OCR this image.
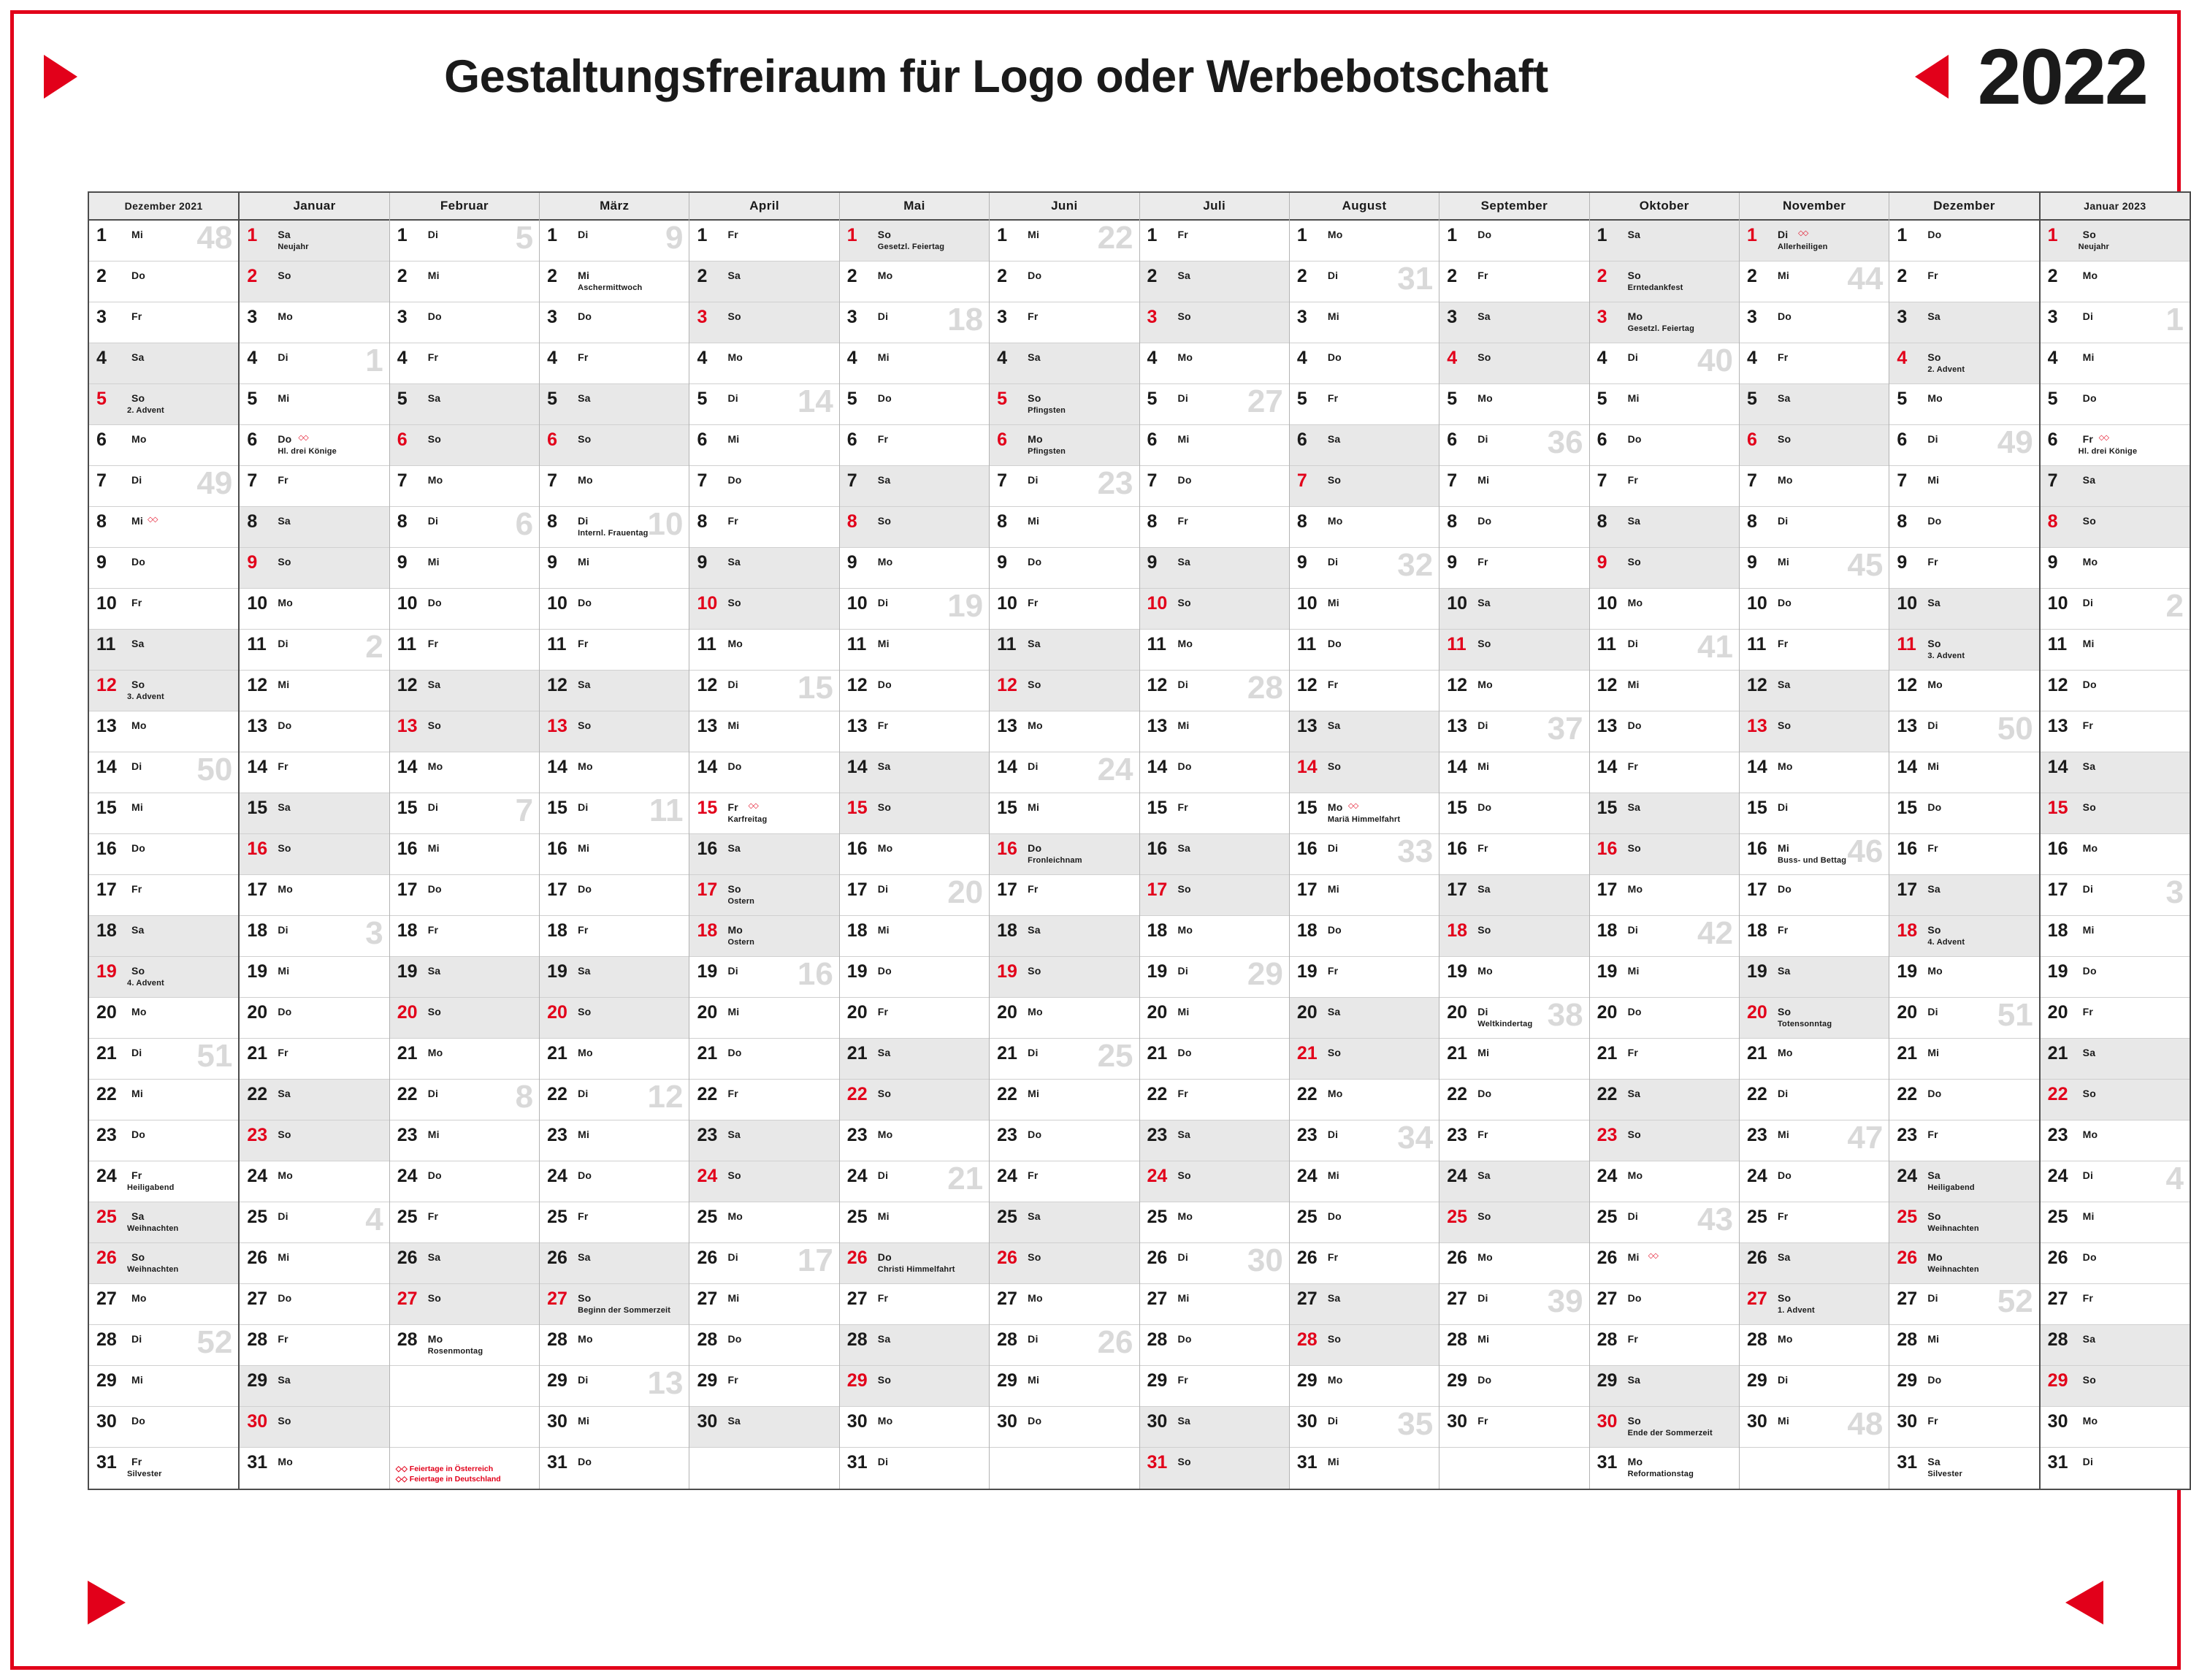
Gestaltungsfreiraum für Logo oder Werbebotschaft	2022
Dezember 2021
48
1 Mi
2 Do
3 Fr
4 Sa
5 So
2. Advent
6 Mo
49
7 Di
8 Mi ◇◇
9 Do
10 Fr
11 Sa
12 So
3. Advent
13 Mo
50
14 Di
15 Mi
16 Do
17 Fr
18 Sa
19 So
4. Advent
20 Mo
51
21 Di
22 Mi
23 Do
24 Fr
Heiligabend
25 Sa
Weihnachten
26 So
Weihnachten
27 Mo
52
28 Di
29 Mi
30 Do
31 Fr
Silvester
Januar
1 Sa
Neujahr
2 So
3 Mo
1
4 Di
5 Mi
6 Do ◇◇
Hl. drei Könige
7 Fr
8 Sa
9 So
10 Mo
2
11 Di
12 Mi
13 Do
14 Fr
15 Sa
16 So
17 Mo
3
18 Di
19 Mi
20 Do
21 Fr
22 Sa
23 So
24 Mo
4
25 Di
26 Mi
27 Do
28 Fr
29 Sa
30 So
31 Mo
Februar
5
1 Di
2 Mi
3 Do
4 Fr
5 Sa
6 So
7 Mo
6
8 Di
9 Mi
10 Do
11 Fr
12 Sa
13 So
14 Mo
7
15 Di
16 Mi
17 Do
18 Fr
19 Sa
20 So
21 Mo
8
22 Di
23 Mi
24 Do
25 Fr
26 Sa
27 So
28 Mo
Rosenmontag
◇◇ Feiertage in Österreich
◇◇ Feiertage in Deutschland
März
9
1 Di
2 Mi
Aschermittwoch
3 Do
4 Fr
5 Sa
6 So
7 Mo
10
8 Di
Internl. Frauentag
9 Mi
10 Do
11 Fr
12 Sa
13 So
14 Mo
11
15 Di
16 Mi
17 Do
18 Fr
19 Sa
20 So
21 Mo
12
22 Di
23 Mi
24 Do
25 Fr
26 Sa
27 So
Beginn der Sommerzeit
28 Mo
13
29 Di
30 Mi
31 Do
April
1 Fr
2 Sa
3 So
4 Mo
14
5 Di
6 Mi
7 Do
8 Fr
9 Sa
10 So
11 Mo
15
12 Di
13 Mi
14 Do
15 Fr ◇◇
Karfreitag
16 Sa
17 So
Ostern
18 Mo
Ostern
16
19 Di
20 Mi
21 Do
22 Fr
23 Sa
24 So
25 Mo
17
26 Di
27 Mi
28 Do
29 Fr
30 Sa
Mai
1 So
Gesetzl. Feiertag
2 Mo
18
3 Di
4 Mi
5 Do
6 Fr
7 Sa
8 So
9 Mo
19
10 Di
11 Mi
12 Do
13 Fr
14 Sa
15 So
16 Mo
20
17 Di
18 Mi
19 Do
20 Fr
21 Sa
22 So
23 Mo
21
24 Di
25 Mi
26 Do
Christi Himmelfahrt
27 Fr
28 Sa
29 So
30 Mo
31 Di
Juni
22
1 Mi
2 Do
3 Fr
4 Sa
5 So
Pfingsten
6 Mo
Pfingsten
23
7 Di
8 Mi
9 Do
10 Fr
11 Sa
12 So
13 Mo
24
14 Di
15 Mi
16 Do
Fronleichnam
17 Fr
18 Sa
19 So
20 Mo
25
21 Di
22 Mi
23 Do
24 Fr
25 Sa
26 So
27 Mo
26
28 Di
29 Mi
30 Do
Juli
1 Fr
2 Sa
3 So
4 Mo
27
5 Di
6 Mi
7 Do
8 Fr
9 Sa
10 So
11 Mo
28
12 Di
13 Mi
14 Do
15 Fr
16 Sa
17 So
18 Mo
29
19 Di
20 Mi
21 Do
22 Fr
23 Sa
24 So
25 Mo
30
26 Di
27 Mi
28 Do
29 Fr
30 Sa
31 So
August
1 Mo
31
2 Di
3 Mi
4 Do
5 Fr
6 Sa
7 So
8 Mo
32
9 Di
10 Mi
11 Do
12 Fr
13 Sa
14 So
15 Mo ◇◇
Mariä Himmelfahrt
33
16 Di
17 Mi
18 Do
19 Fr
20 Sa
21 So
22 Mo
34
23 Di
24 Mi
25 Do
26 Fr
27 Sa
28 So
29 Mo
35
30 Di
31 Mi
September
1 Do
2 Fr
3 Sa
4 So
5 Mo
36
6 Di
7 Mi
8 Do
9 Fr
10 Sa
11 So
12 Mo
37
13 Di
14 Mi
15 Do
16 Fr
17 Sa
18 So
19 Mo
38
20 Di
Weltkindertag
21 Mi
22 Do
23 Fr
24 Sa
25 So
26 Mo
39
27 Di
28 Mi
29 Do
30 Fr
Oktober
1 Sa
2 So
Erntedankfest
3 Mo
Gesetzl. Feiertag
40
4 Di
5 Mi
6 Do
7 Fr
8 Sa
9 So
10 Mo
41
11 Di
12 Mi
13 Do
14 Fr
15 Sa
16 So
17 Mo
42
18 Di
19 Mi
20 Do
21 Fr
22 Sa
23 So
24 Mo
43
25 Di
26 Mi ◇◇
27 Do
28 Fr
29 Sa
30 So
Ende der Sommerzeit
31 Mo
Reformationstag
November
1 Di ◇◇
Allerheiligen
44
2 Mi
3 Do
4 Fr
5 Sa
6 So
7 Mo
8 Di
45
9 Mi
10 Do
11 Fr
12 Sa
13 So
14 Mo
15 Di
46
16 Mi
Buss- und Bettag
17 Do
18 Fr
19 Sa
20 So
Totensonntag
21 Mo
22 Di
47
23 Mi
24 Do
25 Fr
26 Sa
27 So
1. Advent
28 Mo
29 Di
48
30 Mi
Dezember
1 Do
2 Fr
3 Sa
4 So
2. Advent
5 Mo
49
6 Di
7 Mi
8 Do
9 Fr
10 Sa
11 So
3. Advent
12 Mo
50
13 Di
14 Mi
15 Do
16 Fr
17 Sa
18 So
4. Advent
19 Mo
51
20 Di
21 Mi
22 Do
23 Fr
24 Sa
Heiligabend
25 So
Weihnachten
26 Mo
Weihnachten
52
27 Di
28 Mi
29 Do
30 Fr
31 Sa
Silvester
Januar 2023
1 So
Neujahr
2 Mo
1
3 Di
4 Mi
5 Do
6 Fr ◇◇
Hl. drei Könige
7 Sa
8 So
9 Mo
2
10 Di
11 Mi
12 Do
13 Fr
14 Sa
15 So
16 Mo
3
17 Di
18 Mi
19 Do
20 Fr
21 Sa
22 So
23 Mo
4
24 Di
25 Mi
26 Do
27 Fr
28 Sa
29 So
30 Mo
31 Di
